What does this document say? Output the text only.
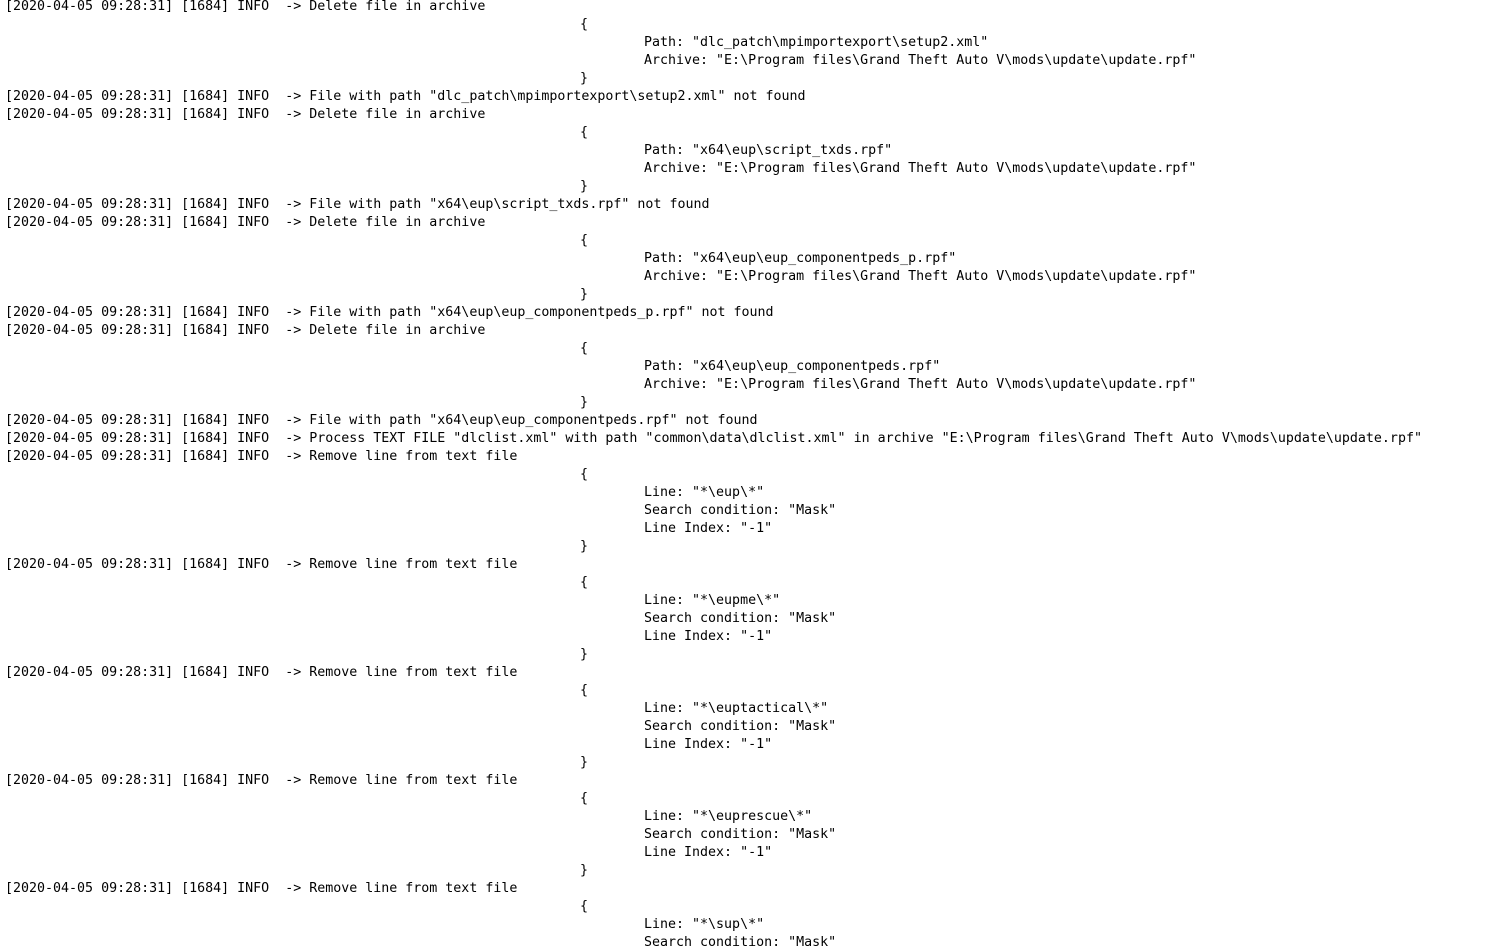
[2020-04-05 09:28:31] [1684] INFO  -> Delete file in archive
{
Path: "dlc_patch\mpimportexport\setup2.xml"
Archive: "E:\Program files\Grand Theft Auto V\mods\update\update.rpf"
}
[2020-04-05 09:28:31] [1684] INFO  -> File with path "dlc_patch\mpimportexport\setup2.xml" not found
[2020-04-05 09:28:31] [1684] INFO  -> Delete file in archive
{
Path: "x64\eup\script_txds.rpf"
Archive: "E:\Program files\Grand Theft Auto V\mods\update\update.rpf"
}
[2020-04-05 09:28:31] [1684] INFO  -> File with path "x64\eup\script_txds.rpf" not found
[2020-04-05 09:28:31] [1684] INFO  -> Delete file in archive
{
Path: "x64\eup\eup_componentpeds_p.rpf"
Archive: "E:\Program files\Grand Theft Auto V\mods\update\update.rpf"
}
[2020-04-05 09:28:31] [1684] INFO  -> File with path "x64\eup\eup_componentpeds_p.rpf" not found
[2020-04-05 09:28:31] [1684] INFO  -> Delete file in archive
{
Path: "x64\eup\eup_componentpeds.rpf"
Archive: "E:\Program files\Grand Theft Auto V\mods\update\update.rpf"
}
[2020-04-05 09:28:31] [1684] INFO  -> File with path "x64\eup\eup_componentpeds.rpf" not found
[2020-04-05 09:28:31] [1684] INFO  -> Process TEXT FILE "dlclist.xml" with path "common\data\dlclist.xml" in archive "E:\Program files\Grand Theft Auto V\mods\update\update.rpf"
[2020-04-05 09:28:31] [1684] INFO  -> Remove line from text file
{
Line: "*\eup\*"
Search condition: "Mask"
Line Index: "-1"
}
[2020-04-05 09:28:31] [1684] INFO  -> Remove line from text file
{
Line: "*\eupme\*"
Search condition: "Mask"
Line Index: "-1"
}
[2020-04-05 09:28:31] [1684] INFO  -> Remove line from text file
{
Line: "*\euptactical\*"
Search condition: "Mask"
Line Index: "-1"
}
[2020-04-05 09:28:31] [1684] INFO  -> Remove line from text file
{
Line: "*\euprescue\*"
Search condition: "Mask"
Line Index: "-1"
}
[2020-04-05 09:28:31] [1684] INFO  -> Remove line from text file
{
Line: "*\sup\*"
Search condition: "Mask"
